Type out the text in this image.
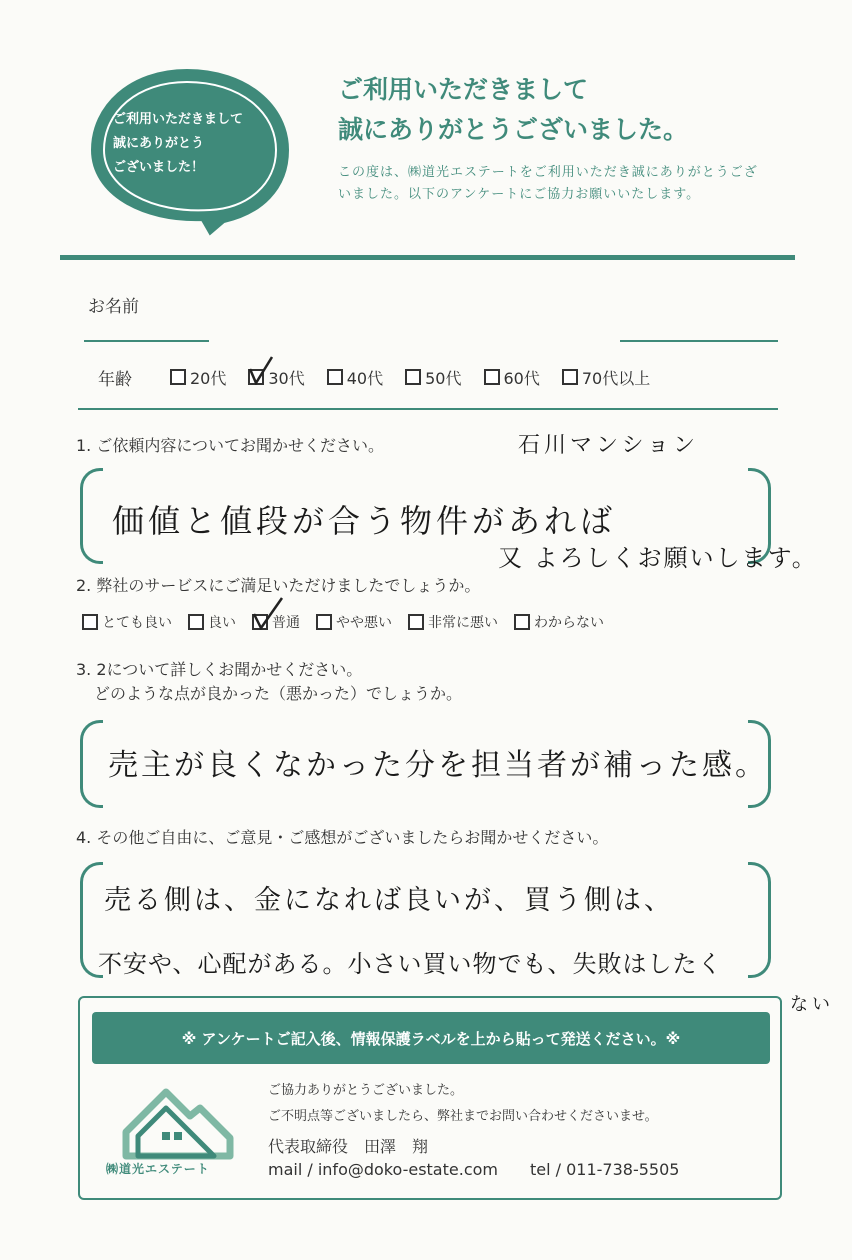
ご利用いただきまして
誠にありがとう
ございました！
ご利用いただきまして
誠にありがとうございました。
この度は、㈱道光エステートをご利用いただき誠にありがとうございました。以下のアンケートにご協力お願いいたします。
お名前
年齢	20代	30代	40代	50代	60代	70代以上
1. ご依頼内容についてお聞かせください。	石川マンション
価値と値段が合う物件があれば
又 よろしくお願いします。
2. 弊社のサービスにご満足いただけましたでしょうか。
とても良い	良い	普通	やや悪い	非常に悪い	わからない
3. 2について詳しくお聞かせください。
どのような点が良かった（悪かった）でしょうか。
売主が良くなかった分を担当者が補った感。
4. その他ご自由に、ご意見・ご感想がございましたらお聞かせください。
売る側は、金になれば良いが、買う側は、
不安や、心配がある。小さい買い物でも、失敗はしたく
ない
※ アンケートご記入後、情報保護ラベルを上から貼って発送ください。※
㈱道光エステート
ご協力ありがとうございました。
ご不明点等ございましたら、弊社までお問い合わせくださいませ。
代表取締役　田澤　翔
mail / info@doko-estate.com tel / 011-738-5505
